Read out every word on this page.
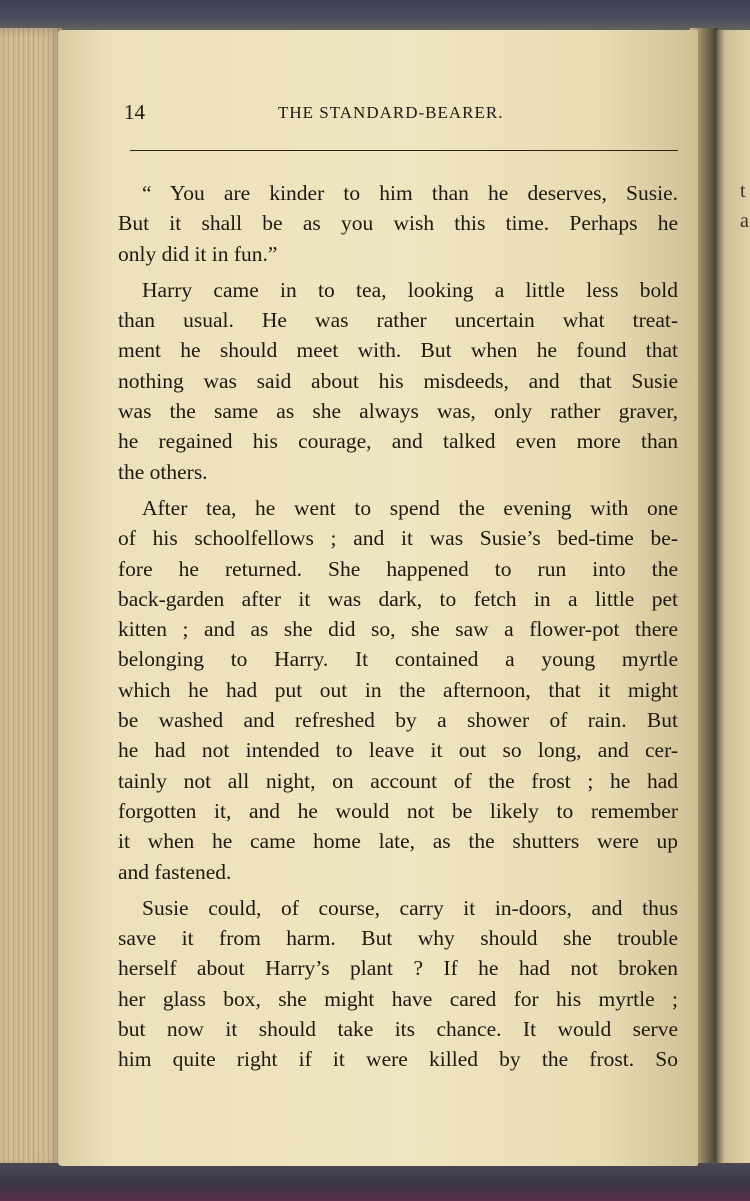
t
a
14	THE STANDARD-BEARER.

“ You are kinder to him than he deserves, Susie.
But it shall be as you wish this time. Perhaps he
only did it in fun.”

Harry came in to tea, looking a little less bold
than usual. He was rather uncertain what treat-
ment he should meet with. But when he found that
nothing was said about his misdeeds, and that Susie
was the same as she always was, only rather graver,
he regained his courage, and talked even more than
the others.

After tea, he went to spend the evening with one
of his schoolfellows ; and it was Susie’s bed-time be-
fore he returned. She happened to run into the
back-garden after it was dark, to fetch in a little pet
kitten ; and as she did so, she saw a flower-pot there
belonging to Harry. It contained a young myrtle
which he had put out in the afternoon, that it might
be washed and refreshed by a shower of rain. But
he had not intended to leave it out so long, and cer-
tainly not all night, on account of the frost ; he had
forgotten it, and he would not be likely to remember
it when he came home late, as the shutters were up
and fastened.

Susie could, of course, carry it in-doors, and thus
save it from harm. But why should she trouble
herself about Harry’s plant ? If he had not broken
her glass box, she might have cared for his myrtle ;
but now it should take its chance. It would serve
him quite right if it were killed by the frost. So
